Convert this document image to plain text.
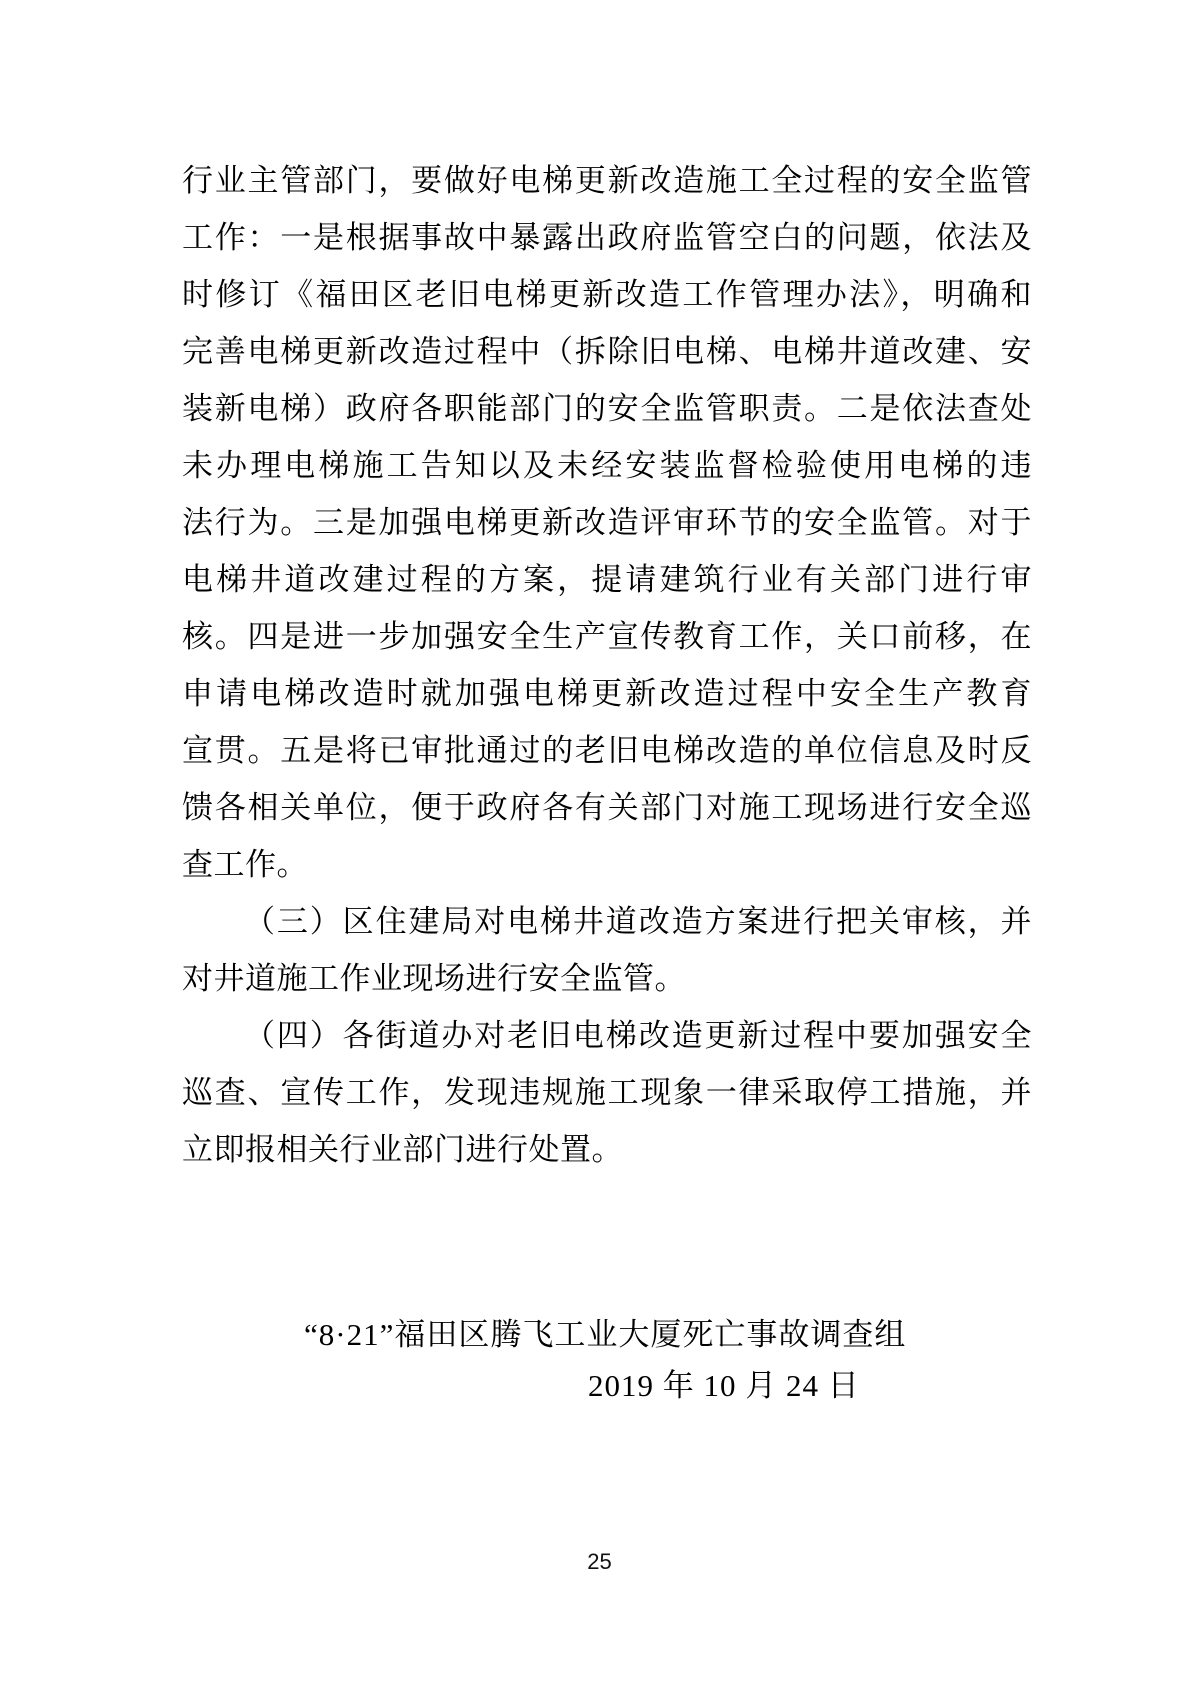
行业主管部门，要做好电梯更新改造施工全过程的安全监管
工作：一是根据事故中暴露出政府监管空白的问题，依法及
时修订《福田区老旧电梯更新改造工作管理办法》，明确和
完善电梯更新改造过程中（拆除旧电梯、电梯井道改建、安
装新电梯）政府各职能部门的安全监管职责。二是依法查处
未办理电梯施工告知以及未经安装监督检验使用电梯的违
法行为。三是加强电梯更新改造评审环节的安全监管。对于
电梯井道改建过程的方案，提请建筑行业有关部门进行审
核。四是进一步加强安全生产宣传教育工作，关口前移，在
申请电梯改造时就加强电梯更新改造过程中安全生产教育
宣贯。五是将已审批通过的老旧电梯改造的单位信息及时反
馈各相关单位，便于政府各有关部门对施工现场进行安全巡
查工作。
（三）区住建局对电梯井道改造方案进行把关审核，并
对井道施工作业现场进行安全监管。
（四）各街道办对老旧电梯改造更新过程中要加强安全
巡查、宣传工作，发现违规施工现象一律采取停工措施，并
立即报相关行业部门进行处置。
“8·21”福田区腾飞工业大厦死亡事故调查组
2019 年 10 月 24 日
25
